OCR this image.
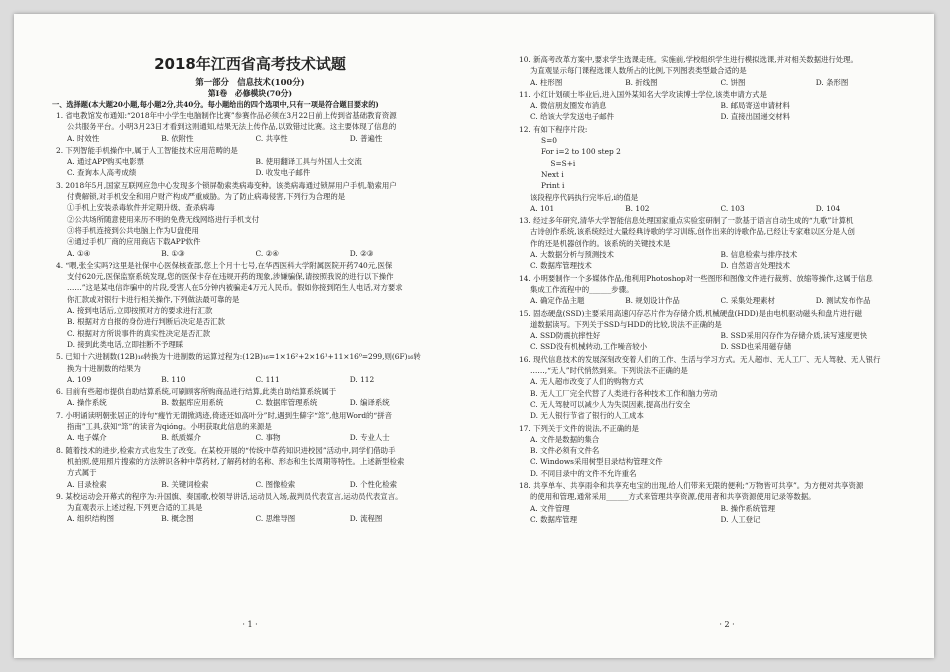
2018年江西省高考技术试题
第一部分　信息技术(100分)
第Ⅰ卷　必修模块(70分)
一、选择题(本大题20小题,每小题2分,共40分。每小题给出的四个选项中,只有一项是符合题目要求的)
1. 省电教馆发布通知:“2018年中小学生电脑制作比赛”参赛作品必须在3月22日前上传到省基础教育资源
公共服务平台。小明3月23日才看到这则通知,结果无法上传作品,以致错过比赛。这主要体现了信息的
A. 时效性	B. 依附性	C. 共享性	D. 普遍性
2. 下列智能手机操作中,属于人工智能技术应用范畴的是
A. 通过APP购买电影票	B. 使用翻译工具与外国人士交流
C. 查询本人高考成绩	D. 收发电子邮件
3. 2018年5月,国家互联网应急中心发现多个锁屏勒索类病毒变种。该类病毒通过锁屏用户手机,勒索用户
付费解锁,对手机安全和用户财产构成严重威胁。为了防止病毒侵害,下列行为合理的是
①手机上安装杀毒软件并定期升级、查杀病毒
②公共场所随意使用来历不明的免费无线网络进行手机支付
③将手机连接到公共电脑上作为U盘使用
④通过手机厂商的应用商店下载APP软件
A. ①④	B. ①③	C. ②④	D. ②③
4. “喂,张全实吗?这里是社保中心医保核查部,您上个月十七号,在华西医科大学附属医院开药740元,医保
支付620元,医保监察系统发现,您的医保卡存在违规开药的现象,涉嫌骗保,请按照我说的进行以下操作
……”这是某电信诈骗中的片段,受害人在5分钟内被骗走4万元人民币。假如你接到陌生人电话,对方要求
你汇款或对银行卡进行相关操作,下列做法最可靠的是
A. 接到电话后,立即按照对方的要求进行汇款
B. 根据对方自报的身份进行判断后决定是否汇款
C. 根据对方所说事件的真实性决定是否汇款
D. 接到此类电话,立即挂断不予理睬
5. 已知十六进制数(12B)₁₆转换为十进制数的运算过程为:(12B)₁₆=1×16²+2×16¹+11×16⁰=299,则(6F)₁₆转
换为十进制数的结果为
A. 109	B. 110	C. 111	D. 112
6. 目前有些超市提供自助结算系统,可刷顾客所购商品进行结算,此类自助结算系统属于
A. 操作系统	B. 数据库应用系统	C. 数据库管理系统	D. 编译系统
7. 小明诵读明朝张居正的诗句“瘦竹无谓掀鸿迹,倚迹还如高叶分”时,遇到生僻字“筇”,他用Word的“拼音
指南”工具,获知“筇”的读音为qióng。小明获取此信息的来源是
A. 电子媒介	B. 纸质媒介	C. 事物	D. 专业人士
8. 随着技术的进步,检索方式也发生了改变。在某校开展的“传统中草药知识进校园”活动中,同学们借助手
机拍照,使用照片搜索的方法辨识各种中草药材,了解药材的名称、形态和生长周期等特性。上述新型检索
方式属于
A. 目录检索	B. 关键词检索	C. 图像检索	D. 个性化检索
9. 某校运动会开幕式的程序为:升国旗、奏国歌,校领导讲话,运动员入场,裁判员代表宣言,运动员代表宣言。
为直观表示上述过程,下列更合适的工具是
A. 组织结构图	B. 概念图	C. 思维导图	D. 流程图
10. 新高考改革方案中,要求学生选课走班。实施前,学校组织学生进行模拟选课,并对相关数据进行处理。
为直观显示每门课程选课人数所占的比例,下列图表类型最合适的是
A. 柱形图	B. 折线图	C. 饼图	D. 条形图
11. 小红计划硕士毕业后,进入国外某知名大学攻读博士学位,该类申请方式是
A. 微信朋友圈发布消息	B. 邮局寄送申请材料
C. 给该大学发送电子邮件	D. 直接出国递交材料
12. 有如下程序片段:
S=0
For i=2 to 100 step 2
S=S+i
Next i
Print i
该段程序代码执行完毕后,i的值是
A. 101	B. 102	C. 103	D. 104
13. 经过多年研究,清华大学智能信息处理国家重点实验室研制了一款基于语言自动生成的“九歌”计算机
古诗创作系统,该系统经过大量经典诗歌的学习训练,创作出来的诗歌作品,已经让专家难以区分是人创
作的还是机器创作的。该系统的关键技术是
A. 大数据分析与预测技术	B. 信息检索与排序技术
C. 数据库管理技术	D. 自然语言处理技术
14. 小明要制作一个多媒体作品,他利用Photoshop对一些图形和图像文件进行裁剪、放缩等操作,这属于信息
集成工作流程中的______步骤。
A. 确定作品主题	B. 规划设计作品	C. 采集处理素材	D. 测试发布作品
15. 固态硬盘(SSD)主要采用高速闪存芯片作为存储介质,机械硬盘(HDD)是由电机驱动磁头和盘片进行磁
道数据读写。下列关于SSD与HDD的比较,说法不正确的是
A. SSD防震抗摔性好	B. SSD采用闪存作为存储介质,读写速度更快
C. SSD没有机械转动,工作噪音较小	D. SSD也采用磁存储
16. 现代信息技术的发展深刻改变着人们的工作、生活与学习方式。无人超市、无人工厂、无人驾驶、无人银行
……,“无人”时代悄然到来。下列说法不正确的是
A. 无人超市改变了人们的购物方式
B. 无人工厂完全代替了人类进行各种技术工作和脑力劳动
C. 无人驾驶可以减少人为失误因素,提高出行安全
D. 无人银行节省了银行的人工成本
17. 下列关于文件的说法,不正确的是
A. 文件是数据的集合
B. 文件必须有文件名
C. Windows采用树型目录结构管理文件
D. 不同目录中的文件不允许重名
18. 共享单车、共享雨伞和共享充电宝的出现,给人们带来无限的便利;“万物皆可共享”。为方便对共享资源
的使用和管理,通常采用______方式来管理共享资源,使用者和共享资源使用记录等数据。
A. 文件管理	B. 操作系统管理
C. 数据库管理	D. 人工登记
· 1 ·	· 2 ·
